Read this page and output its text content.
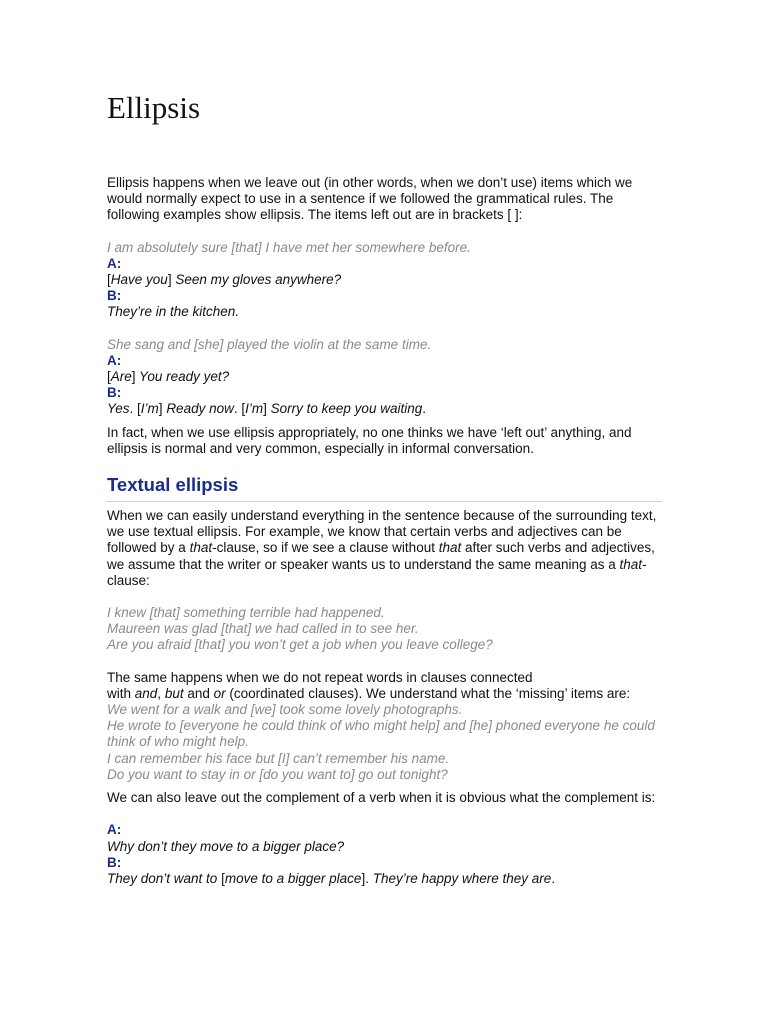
Ellipsis

Ellipsis happens when we leave out (in other words, when we don’t use) items which we would normally expect to use in a sentence if we followed the grammatical rules. The following examples show ellipsis. The items left out are in brackets [ ]:

I am absolutely sure [that] I have met her somewhere before.

A:

[Have you] Seen my gloves anywhere?

B:

They’re in the kitchen.

She sang and [she] played the violin at the same time.

A:

[Are] You ready yet?

B:

Yes. [I’m] Ready now. [I’m] Sorry to keep you waiting.

In fact, when we use ellipsis appropriately, no one thinks we have ‘left out’ anything, and ellipsis is normal and very common, especially in informal conversation.

Textual ellipsis

When we can easily understand everything in the sentence because of the surrounding text, we use textual ellipsis. For example, we know that certain verbs and adjectives can be followed by a that-clause, so if we see a clause without that after such verbs and adjectives, we assume that the writer or speaker wants us to understand the same meaning as a that-clause:

I knew [that] something terrible had happened.

Maureen was glad [that] we had called in to see her.

Are you afraid [that] you won’t get a job when you leave college?

The same happens when we do not repeat words in clauses connected
with and, but and or (coordinated clauses). We understand what the ‘missing’ items are:

We went for a walk and [we] took some lovely photographs.

He wrote to [everyone he could think of who might help] and [he] phoned everyone he could think of who might help.

I can remember his face but [I] can’t remember his name.

Do you want to stay in or [do you want to] go out tonight?

We can also leave out the complement of a verb when it is obvious what the complement is:

A:

Why don’t they move to a bigger place?

B:

They don’t want to [move to a bigger place]. They’re happy where they are.
